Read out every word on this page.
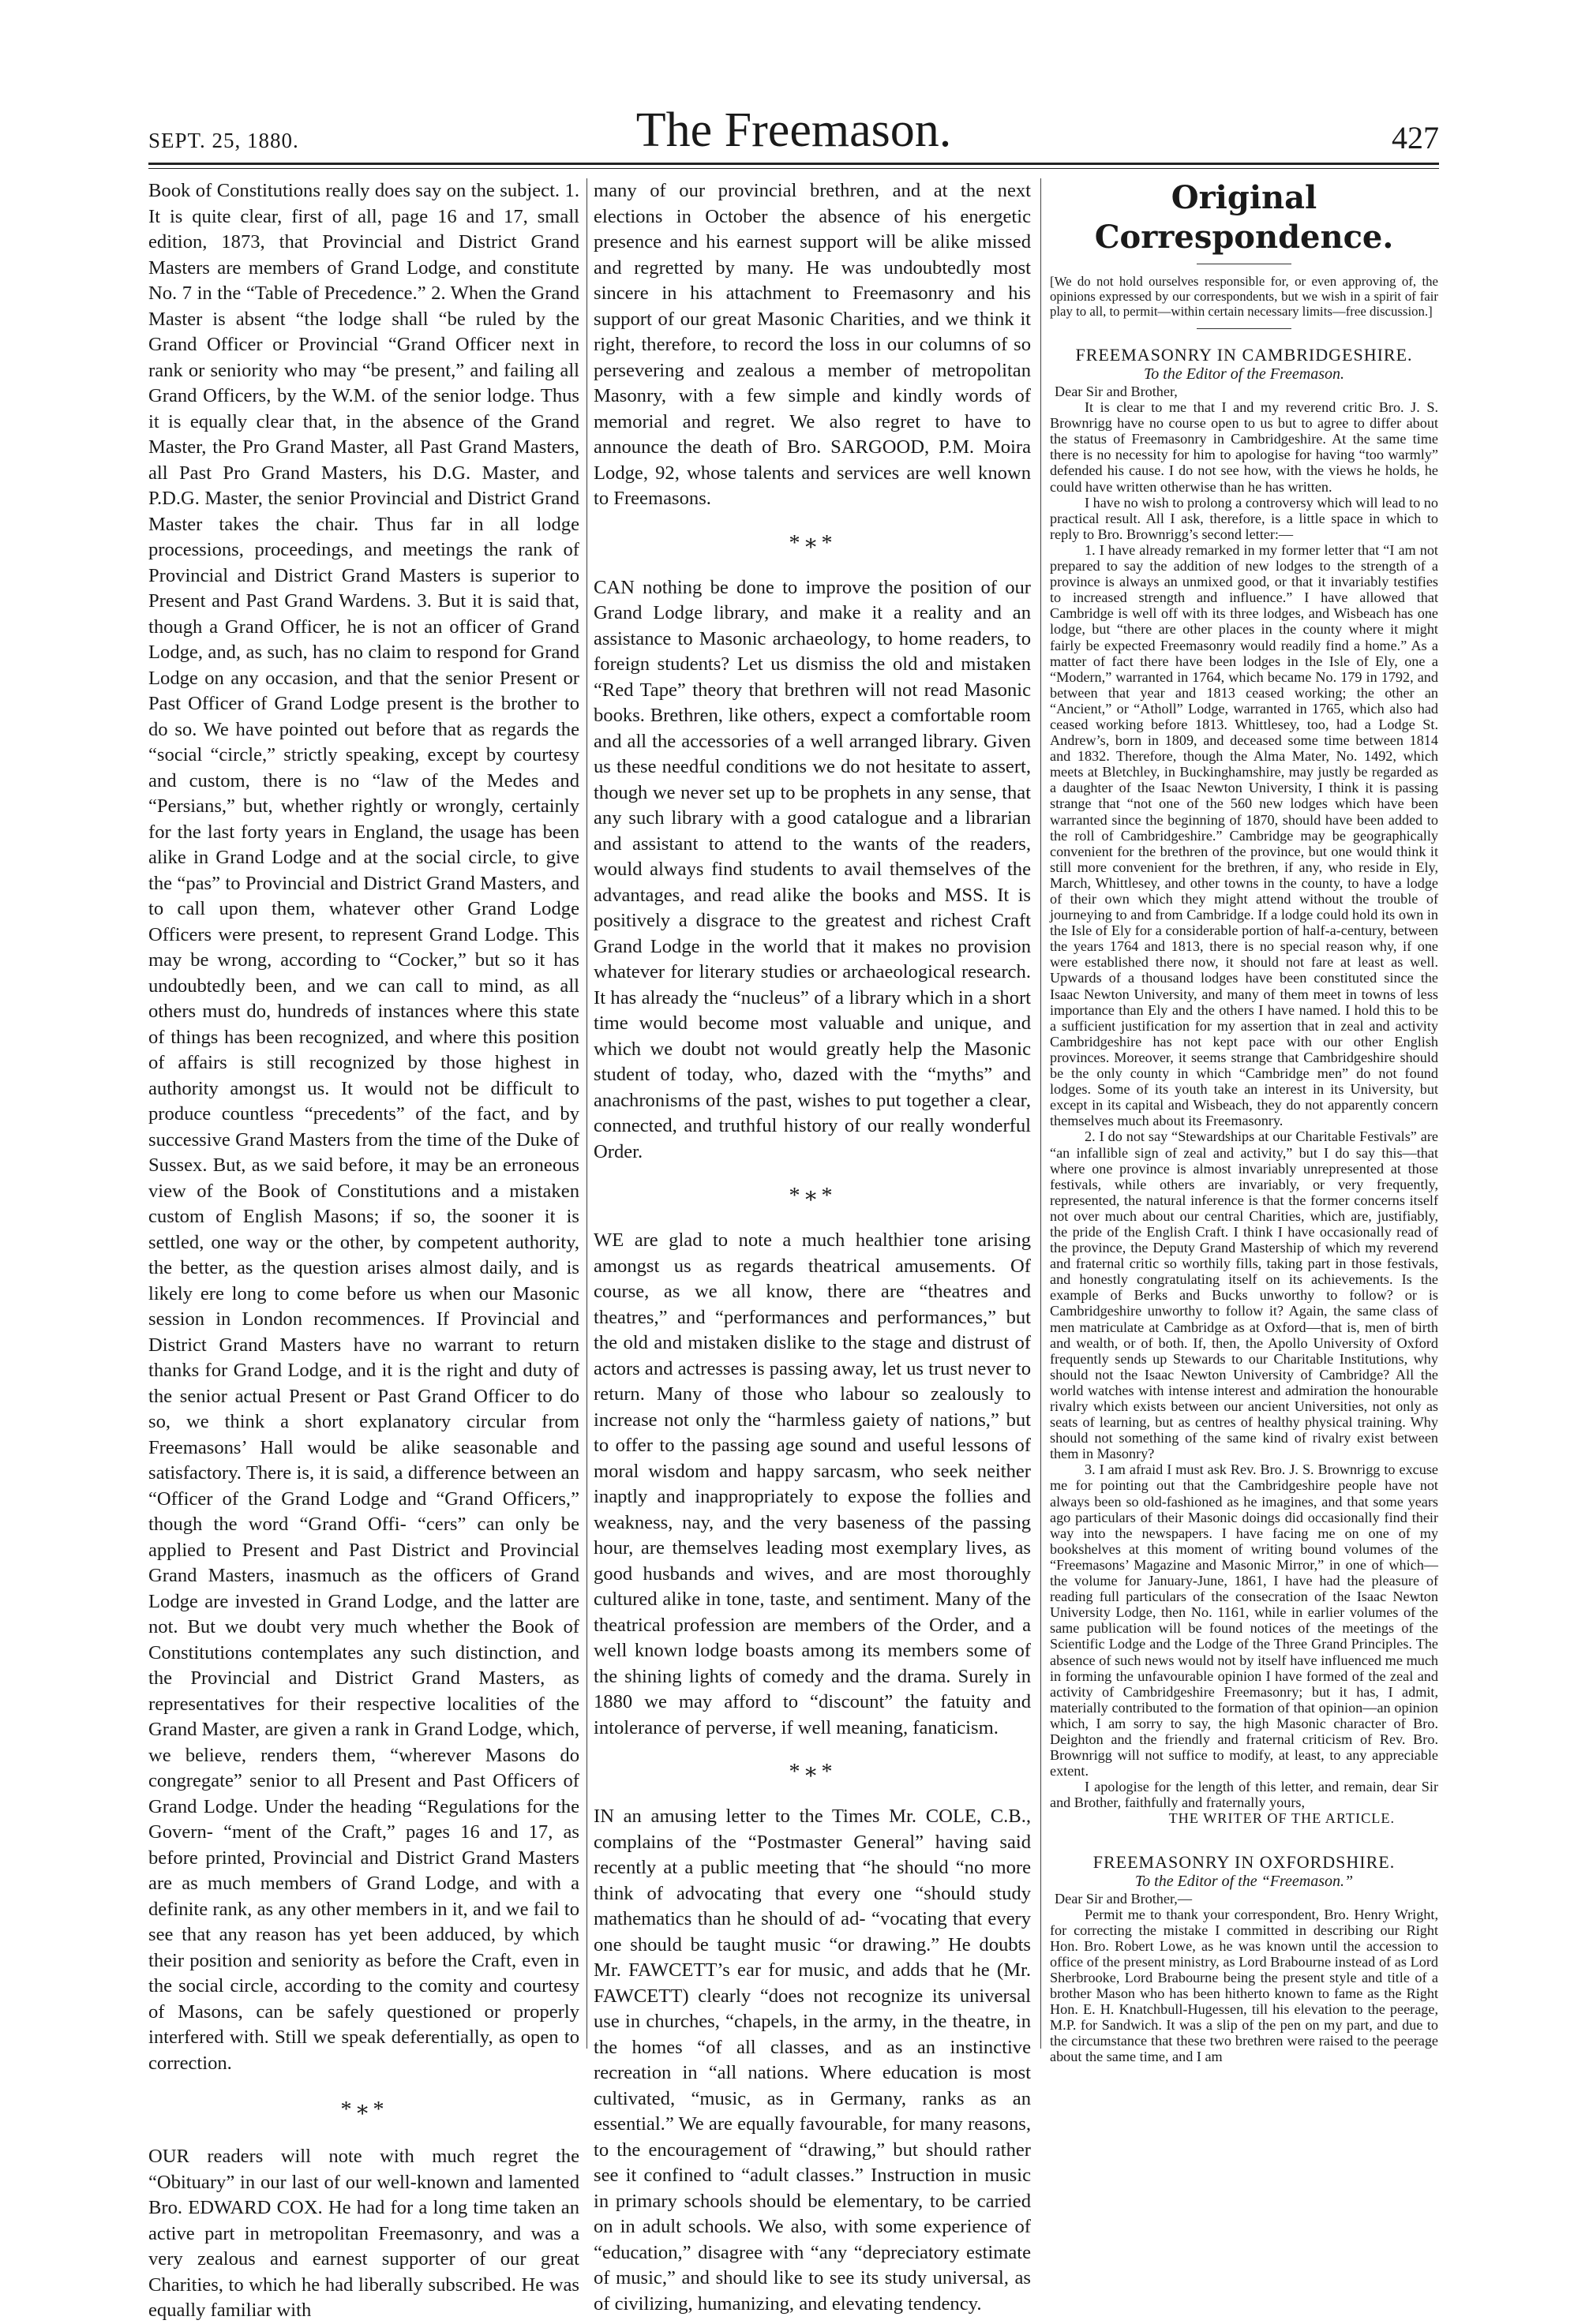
SEPT. 25, 1880.	The Freemason.	427

Book of Constitutions really does say on the subject. 1. It is quite clear, first of all, page 16 and 17, small edition, 1873, that Provincial and District Grand Masters are members of Grand Lodge, and constitute No. 7 in the “Table of Precedence.” 2. When the Grand Master is absent “the lodge shall “be ruled by the Grand Officer or Provincial “Grand Officer next in rank or seniority who may “be present,” and failing all Grand Officers, by the W.M. of the senior lodge. Thus it is equally clear that, in the absence of the Grand Master, the Pro Grand Master, all Past Grand Masters, all Past Pro Grand Masters, his D.G. Master, and P.D.G. Master, the senior Provincial and District Grand Master takes the chair. Thus far in all lodge processions, proceedings, and meetings the rank of Provincial and District Grand Masters is superior to Present and Past Grand Wardens. 3. But it is said that, though a Grand Officer, he is not an officer of Grand Lodge, and, as such, has no claim to respond for Grand Lodge on any occasion, and that the senior Present or Past Officer of Grand Lodge present is the brother to do so. We have pointed out before that as regards the “social “circle,” strictly speaking, except by courtesy and custom, there is no “law of the Medes and “Persians,” but, whether rightly or wrongly, certainly for the last forty years in England, the usage has been alike in Grand Lodge and at the social circle, to give the “pas” to Provincial and District Grand Masters, and to call upon them, whatever other Grand Lodge Officers were present, to represent Grand Lodge. This may be wrong, according to “Cocker,” but so it has undoubtedly been, and we can call to mind, as all others must do, hundreds of instances where this state of things has been recognized, and where this position of affairs is still recognized by those highest in authority amongst us. It would not be difficult to produce countless “precedents” of the fact, and by successive Grand Masters from the time of the Duke of Sussex. But, as we said before, it may be an erroneous view of the Book of Constitutions and a mistaken custom of English Masons; if so, the sooner it is settled, one way or the other, by competent authority, the better, as the question arises almost daily, and is likely ere long to come before us when our Masonic session in London recommences. If Provincial and District Grand Masters have no warrant to return thanks for Grand Lodge, and it is the right and duty of the senior actual Present or Past Grand Officer to do so, we think a short explanatory circular from Freemasons’ Hall would be alike seasonable and satisfactory. There is, it is said, a difference between an “Officer of the Grand Lodge and “Grand Officers,” though the word “Grand Offi- “cers” can only be applied to Present and Past District and Provincial Grand Masters, inasmuch as the officers of Grand Lodge are invested in Grand Lodge, and the latter are not. But we doubt very much whether the Book of Constitutions contemplates any such distinction, and the Provincial and District Grand Masters, as representatives for their respective localities of the Grand Master, are given a rank in Grand Lodge, which, we believe, renders them, “wherever Masons do congregate” senior to all Present and Past Officers of Grand Lodge. Under the heading “Regulations for the Govern- “ment of the Craft,” pages 16 and 17, as before printed, Provincial and District Grand Masters are as much members of Grand Lodge, and with a definite rank, as any other members in it, and we fail to see that any reason has yet been adduced, by which their position and seniority as before the Craft, even in the social circle, according to the comity and courtesy of Masons, can be safely questioned or properly interfered with. Still we speak deferentially, as open to correction.

*∗*

OUR readers will note with much regret the “Obituary” in our last of our well-known and lamented Bro. EDWARD COX. He had for a long time taken an active part in metropolitan Freemasonry, and was a very zealous and earnest supporter of our great Charities, to which he had liberally subscribed. He was equally familiar with

many of our provincial brethren, and at the next elections in October the absence of his energetic presence and his earnest support will be alike missed and regretted by many. He was undoubtedly most sincere in his attachment to Freemasonry and his support of our great Masonic Charities, and we think it right, therefore, to record the loss in our columns of so persevering and zealous a member of metropolitan Masonry, with a few simple and kindly words of memorial and regret. We also regret to have to announce the death of Bro. SARGOOD, P.M. Moira Lodge, 92, whose talents and services are well known to Freemasons.

*∗*

CAN nothing be done to improve the position of our Grand Lodge library, and make it a reality and an assistance to Masonic archaeology, to home readers, to foreign students? Let us dismiss the old and mistaken “Red Tape” theory that brethren will not read Masonic books. Brethren, like others, expect a comfortable room and all the accessories of a well arranged library. Given us these needful conditions we do not hesitate to assert, though we never set up to be prophets in any sense, that any such library with a good catalogue and a librarian and assistant to attend to the wants of the readers, would always find students to avail themselves of the advantages, and read alike the books and MSS. It is positively a disgrace to the greatest and richest Craft Grand Lodge in the world that it makes no provision whatever for literary studies or archaeological research. It has already the “nucleus” of a library which in a short time would become most valuable and unique, and which we doubt not would greatly help the Masonic student of today, who, dazed with the “myths” and anachronisms of the past, wishes to put together a clear, connected, and truthful history of our really wonderful Order.

*∗*

WE are glad to note a much healthier tone arising amongst us as regards theatrical amusements. Of course, as we all know, there are “theatres and theatres,” and “performances and performances,” but the old and mistaken dislike to the stage and distrust of actors and actresses is passing away, let us trust never to return. Many of those who labour so zealously to increase not only the “harmless gaiety of nations,” but to offer to the passing age sound and useful lessons of moral wisdom and happy sarcasm, who seek neither inaptly and inappropriately to expose the follies and weakness, nay, and the very baseness of the passing hour, are themselves leading most exemplary lives, as good husbands and wives, and are most thoroughly cultured alike in tone, taste, and sentiment. Many of the theatrical profession are members of the Order, and a well known lodge boasts among its members some of the shining lights of comedy and the drama. Surely in 1880 we may afford to “discount” the fatuity and intolerance of perverse, if well meaning, fanaticism.

*∗*

IN an amusing letter to the Times Mr. COLE, C.B., complains of the “Postmaster General” having said recently at a public meeting that “he should “no more think of advocating that every one “should study mathematics than he should of ad- “vocating that every one should be taught music “or drawing.” He doubts Mr. FAWCETT’s ear for music, and adds that he (Mr. FAWCETT) clearly “does not recognize its universal use in churches, “chapels, in the army, in the theatre, in the homes “of all classes, and as an instinctive recreation in “all nations. Where education is most cultivated, “music, as in Germany, ranks as an essential.” We are equally favourable, for many reasons, to the encouragement of “drawing,” but should rather see it confined to “adult classes.” Instruction in music in primary schools should be elementary, to be carried on in adult schools. We also, with some experience of “education,” disagree with “any “depreciatory estimate of music,” and should like to see its study universal, as of civilizing, humanizing, and elevating tendency.

Original Correspondence.

[We do not hold ourselves responsible for, or even approving of, the opinions expressed by our correspondents, but we wish in a spirit of fair play to all, to permit—within certain necessary limits—free discussion.]

FREEMASONRY IN CAMBRIDGESHIRE.

To the Editor of the Freemason.

Dear Sir and Brother,

It is clear to me that I and my reverend critic Bro. J. S. Brownrigg have no course open to us but to agree to differ about the status of Freemasonry in Cambridgeshire. At the same time there is no necessity for him to apologise for having “too warmly” defended his cause. I do not see how, with the views he holds, he could have written otherwise than he has written.

I have no wish to prolong a controversy which will lead to no practical result. All I ask, therefore, is a little space in which to reply to Bro. Brownrigg’s second letter:—

1. I have already remarked in my former letter that “I am not prepared to say the addition of new lodges to the strength of a province is always an unmixed good, or that it invariably testifies to increased strength and influence.” I have allowed that Cambridge is well off with its three lodges, and Wisbeach has one lodge, but “there are other places in the county where it might fairly be expected Freemasonry would readily find a home.” As a matter of fact there have been lodges in the Isle of Ely, one a “Modern,” warranted in 1764, which became No. 179 in 1792, and between that year and 1813 ceased working; the other an “Ancient,” or “Atholl” Lodge, warranted in 1765, which also had ceased working before 1813. Whittlesey, too, had a Lodge St. Andrew’s, born in 1809, and deceased some time between 1814 and 1832. Therefore, though the Alma Mater, No. 1492, which meets at Bletchley, in Buckinghamshire, may justly be regarded as a daughter of the Isaac Newton University, I think it is passing strange that “not one of the 560 new lodges which have been warranted since the beginning of 1870, should have been added to the roll of Cambridgeshire.” Cambridge may be geographically convenient for the brethren of the province, but one would think it still more convenient for the brethren, if any, who reside in Ely, March, Whittlesey, and other towns in the county, to have a lodge of their own which they might attend without the trouble of journeying to and from Cambridge. If a lodge could hold its own in the Isle of Ely for a considerable portion of half-a-century, between the years 1764 and 1813, there is no special reason why, if one were established there now, it should not fare at least as well. Upwards of a thousand lodges have been constituted since the Isaac Newton University, and many of them meet in towns of less importance than Ely and the others I have named. I hold this to be a sufficient justification for my assertion that in zeal and activity Cambridgeshire has not kept pace with our other English provinces. Moreover, it seems strange that Cambridgeshire should be the only county in which “Cambridge men” do not found lodges. Some of its youth take an interest in its University, but except in its capital and Wisbeach, they do not apparently concern themselves much about its Freemasonry.

2. I do not say “Stewardships at our Charitable Festivals” are “an infallible sign of zeal and activity,” but I do say this—that where one province is almost invariably unrepresented at those festivals, while others are invariably, or very frequently, represented, the natural inference is that the former concerns itself not over much about our central Charities, which are, justifiably, the pride of the English Craft. I think I have occasionally read of the province, the Deputy Grand Mastership of which my reverend and fraternal critic so worthily fills, taking part in those festivals, and honestly congratulating itself on its achievements. Is the example of Berks and Bucks unworthy to follow? or is Cambridgeshire unworthy to follow it? Again, the same class of men matriculate at Cambridge as at Oxford—that is, men of birth and wealth, or of both. If, then, the Apollo University of Oxford frequently sends up Stewards to our Charitable Institutions, why should not the Isaac Newton University of Cambridge? All the world watches with intense interest and admiration the honourable rivalry which exists between our ancient Universities, not only as seats of learning, but as centres of healthy physical training. Why should not something of the same kind of rivalry exist between them in Masonry?

3. I am afraid I must ask Rev. Bro. J. S. Brownrigg to excuse me for pointing out that the Cambridgeshire people have not always been so old-fashioned as he imagines, and that some years ago particulars of their Masonic doings did occasionally find their way into the newspapers. I have facing me on one of my bookshelves at this moment of writing bound volumes of the “Freemasons’ Magazine and Masonic Mirror,” in one of which—the volume for January-June, 1861, I have had the pleasure of reading full particulars of the consecration of the Isaac Newton University Lodge, then No. 1161, while in earlier volumes of the same publication will be found notices of the meetings of the Scientific Lodge and the Lodge of the Three Grand Principles. The absence of such news would not by itself have influenced me much in forming the unfavourable opinion I have formed of the zeal and activity of Cambridgeshire Freemasonry; but it has, I admit, materially contributed to the formation of that opinion—an opinion which, I am sorry to say, the high Masonic character of Bro. Deighton and the friendly and fraternal criticism of Rev. Bro. Brownrigg will not suffice to modify, at least, to any appreciable extent.

I apologise for the length of this letter, and remain, dear Sir and Brother, faithfully and fraternally yours,

THE WRITER OF THE ARTICLE.

FREEMASONRY IN OXFORDSHIRE.

To the Editor of the “Freemason.”

Dear Sir and Brother,—

Permit me to thank your correspondent, Bro. Henry Wright, for correcting the mistake I committed in describing our Right Hon. Bro. Robert Lowe, as he was known until the accession to office of the present ministry, as Lord Brabourne instead of as Lord Sherbrooke, Lord Brabourne being the present style and title of a brother Mason who has been hitherto known to fame as the Right Hon. E. H. Knatchbull-Hugessen, till his elevation to the peerage, M.P. for Sandwich. It was a slip of the pen on my part, and due to the circumstance that these two brethren were raised to the peerage about the same time, and I am
